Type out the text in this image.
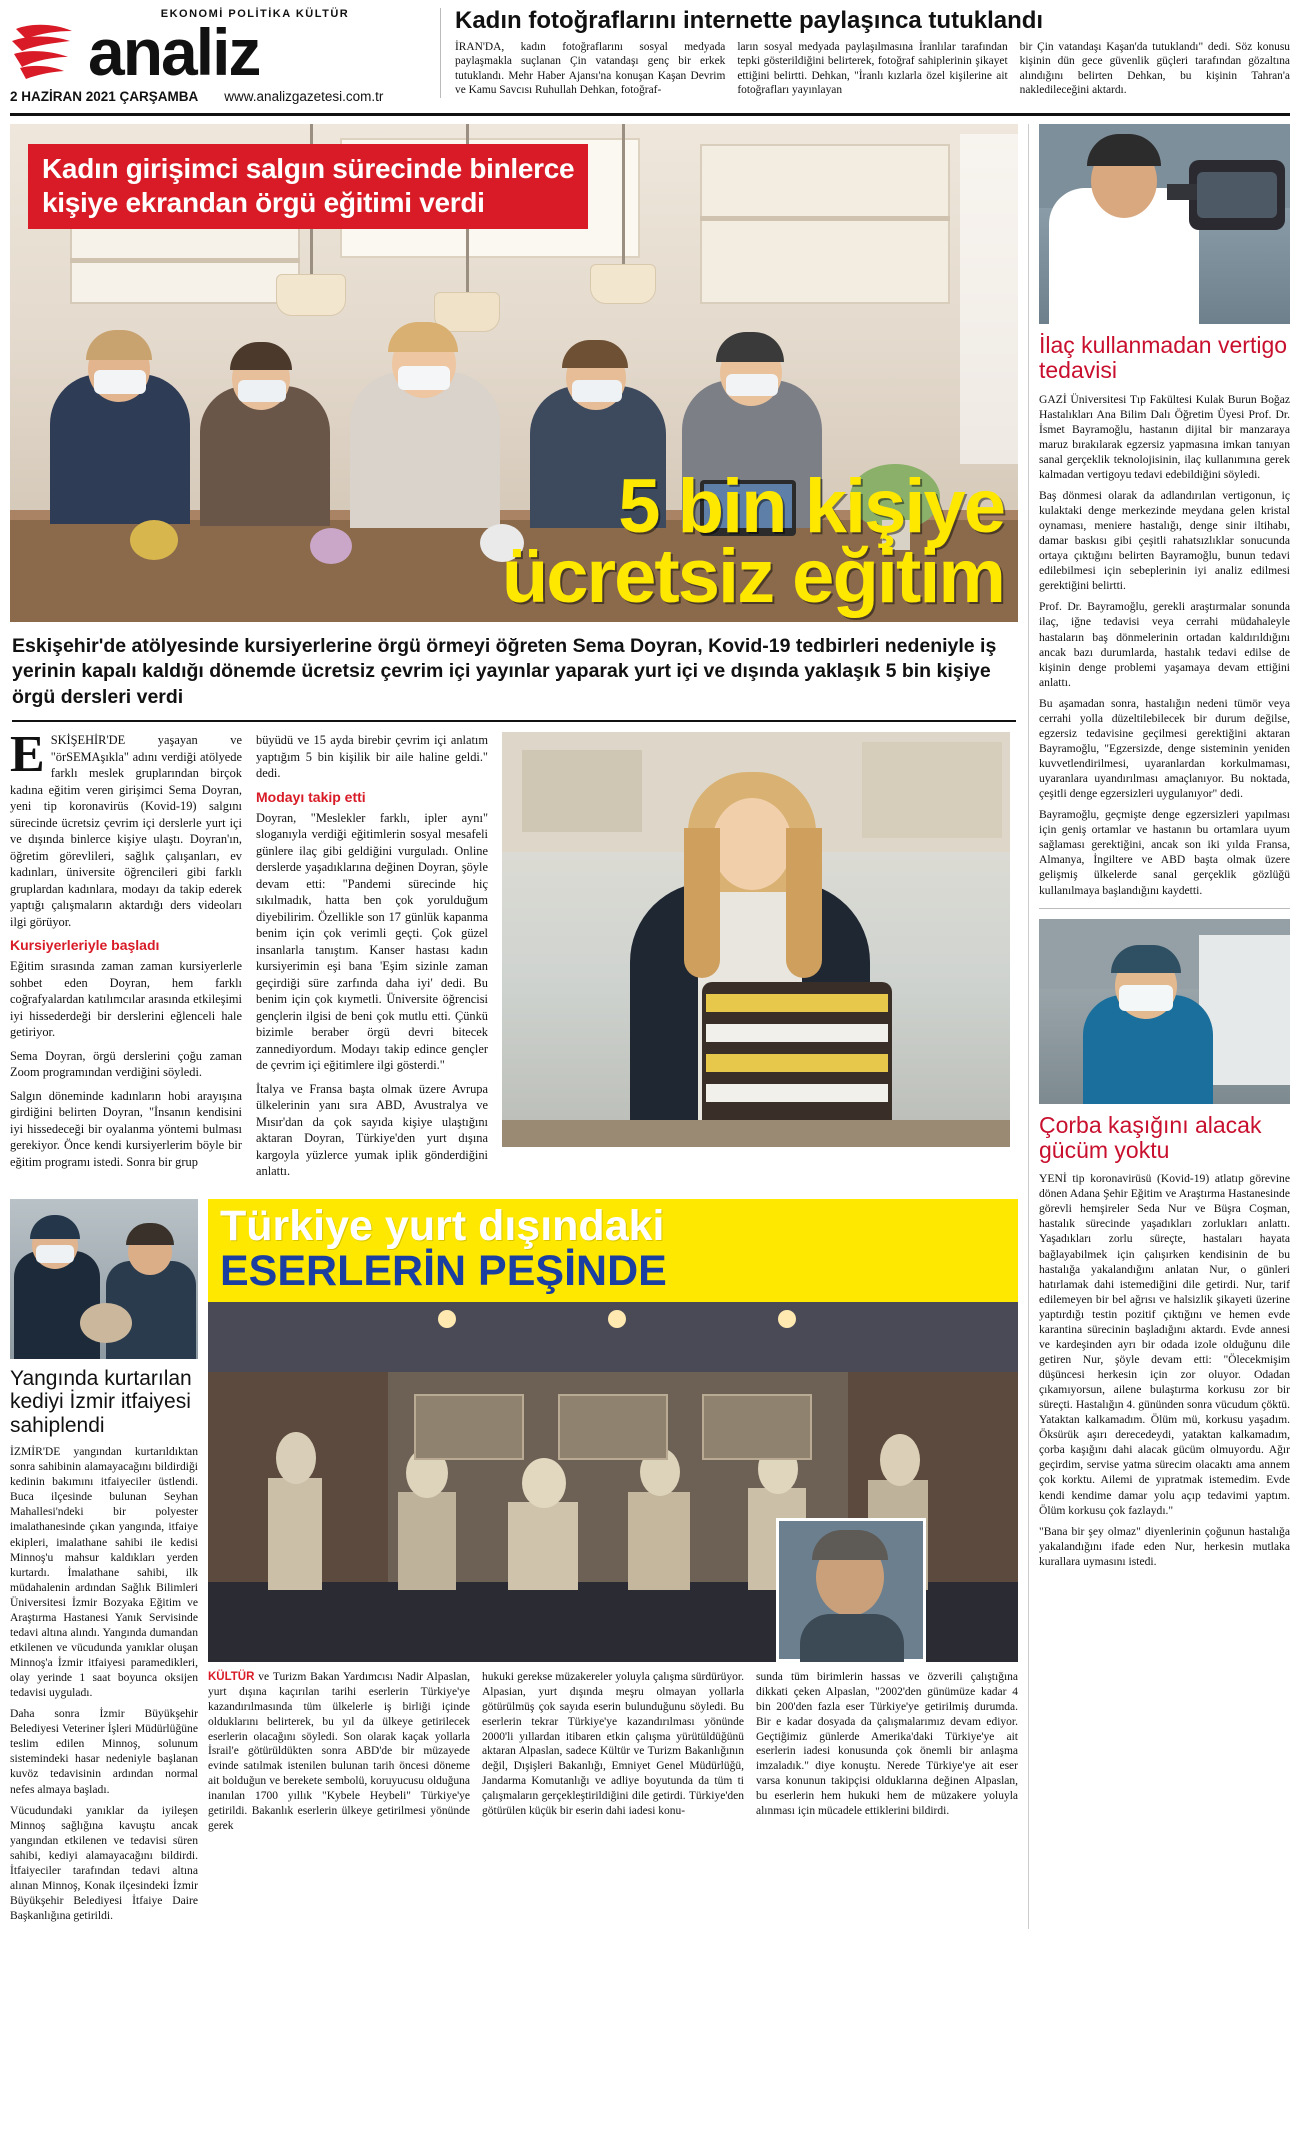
EKONOMİ POLİTİKA KÜLTÜR
analiz
2 HAZİRAN 2021 ÇARŞAMBA www.analizgazetesi.com.tr
Kadın fotoğraflarını internette paylaşınca tutuklandı
İRAN'DA, kadın fotoğraflarını sosyal medyada paylaşmakla suçlanan Çin vatandaşı genç bir erkek tutuklandı. Mehr Haber Ajansı'na konuşan Kaşan Devrim ve Kamu Savcısı Ruhullah Dehkan, fotoğraf-
ların sosyal medyada paylaşılmasına İranlılar tarafından tepki gösterildiğini belirterek, fotoğraf sahiplerinin şikayet ettiğini belirtti. Dehkan, "İranlı kızlarla özel kişilerine ait fotoğrafları yayınlayan
bir Çin vatandaşı Kaşan'da tutuklandı" dedi. Söz konusu kişinin dün gece güvenlik güçleri tarafından gözaltına alındığını belirten Dehkan, bu kişinin Tahran'a nakledileceğini aktardı.
Kadın girişimci salgın sürecinde binlerce
kişiye ekrandan örgü eğitimi verdi
5 bin kişiye
ücretsiz eğitim
Eskişehir'de atölyesinde kursiyerlerine örgü örmeyi öğreten Sema Doyran, Kovid-19 tedbirleri nedeniyle iş yerinin kapalı kaldığı dönemde ücretsiz çevrim içi yayınlar yaparak yurt içi ve dışında yaklaşık 5 bin kişiye örgü dersleri verdi

ESKİŞEHİR'DE yaşayan ve "örSEMAşıkla" adını verdiği atölyede farklı meslek gruplarından birçok kadına eğitim veren girişimci Sema Doyran, yeni tip koronavirüs (Kovid-19) salgını sürecinde ücretsiz çevrim içi derslerle yurt içi ve dışında binlerce kişiye ulaştı. Doyran'ın, öğretim görevlileri, sağlık çalışanları, ev kadınları, üniversite öğrencileri gibi farklı gruplardan kadınlara, modayı da takip ederek yaptığı çalışmaların aktardığı ders videoları ilgi görüyor.

Kursiyerleriyle başladı

Eğitim sırasında zaman zaman kursiyerlerle sohbet eden Doyran, hem farklı coğrafyalardan katılımcılar arasında etkileşimi iyi hissederdeği bir derslerini eğlenceli hale getiriyor.

Sema Doyran, örgü derslerini çoğu zaman Zoom programından verdiğini söyledi.

Salgın döneminde kadınların hobi arayışına girdiğini belirten Doyran, "İnsanın kendisini iyi hissedeceği bir oyalanma yöntemi bulması gerekiyor. Önce kendi kursiyerlerim böyle bir eğitim programı istedi. Sonra bir grup

büyüdü ve 15 ayda birebir çevrim içi anlatım yaptığım 5 bin kişilik bir aile haline geldi." dedi.

Modayı takip etti

Doyran, "Meslekler farklı, ipler aynı" sloganıyla verdiği eğitimlerin sosyal mesafeli günlere ilaç gibi geldiğini vurguladı. Online derslerde yaşadıklarına değinen Doyran, şöyle devam etti: "Pandemi sürecinde hiç sıkılmadık, hatta ben çok yorulduğum diyebilirim. Özellikle son 17 günlük kapanma benim için çok verimli geçti. Çok güzel insanlarla tanıştım. Kanser hastası kadın kursiyerimin eşi bana 'Eşim sizinle zaman geçirdiği süre zarfında daha iyi' dedi. Bu benim için çok kıymetli. Üniversite öğrencisi gençlerin ilgisi de beni çok mutlu etti. Çünkü bizimle beraber örgü devri bitecek zannediyordum. Modayı takip edince gençler de çevrim içi eğitimlere ilgi gösterdi."

İtalya ve Fransa başta olmak üzere Avrupa ülkelerinin yanı sıra ABD, Avustralya ve Mısır'dan da çok sayıda kişiye ulaştığını aktaran Doyran, Türkiye'den yurt dışına kargoyla yüzlerce yumak iplik gönderdiğini anlattı.

Yangında kurtarılan kediyi İzmir itfaiyesi sahiplendi

İZMİR'DE yangından kurtarıldıktan sonra sahibinin alamayacağını bildirdiği kedinin bakımını itfaiyeciler üstlendi. Buca ilçesinde bulunan Seyhan Mahallesi'ndeki bir polyester imalathanesinde çıkan yangında, itfaiye ekipleri, imalathane sahibi ile kedisi Minnoş'u mahsur kaldıkları yerden kurtardı. İmalathane sahibi, ilk müdahalenin ardından Sağlık Bilimleri Üniversitesi İzmir Bozyaka Eğitim ve Araştırma Hastanesi Yanık Servisinde tedavi altına alındı. Yangında dumandan etkilenen ve vücudunda yanıklar oluşan Minnoş'a İzmir itfaiyesi paramedikleri, olay yerinde 1 saat boyunca oksijen tedavisi uyguladı.

Daha sonra İzmir Büyükşehir Belediyesi Veteriner İşleri Müdürlüğüne teslim edilen Minnoş, solunum sistemindeki hasar nedeniyle başlanan kuvöz tedavisinin ardından normal nefes almaya başladı.

Vücudundaki yanıklar da iyileşen Minnoş sağlığına kavuştu ancak yangından etkilenen ve tedavisi süren sahibi, kediyi alamayacağını bildirdi. İtfaiyeciler tarafından tedavi altına alınan Minnoş, Konak ilçesindeki İzmir Büyükşehir Belediyesi İtfaiye Daire Başkanlığına getirildi.

Türkiye yurt dışındaki
ESERLERİN PEŞİNDE

KÜLTÜR ve Turizm Bakan Yardımcısı Nadir Alpaslan, yurt dışına kaçırılan tarihi eserlerin Türkiye'ye kazandırılmasında tüm ülkelerle iş birliği içinde olduklarını belirterek, bu yıl da ülkeye getirilecek eserlerin olacağını söyledi. Son olarak kaçak yollarla İsrail'e götürüldükten sonra ABD'de bir müzayede evinde satılmak istenilen bulunan tarih öncesi döneme ait bolduğun ve berekete sembolü, koruyucusu olduğuna inanılan 1700 yıllık "Kybele Heybeli" Türkiye'ye getirildi. Bakanlık eserlerin ülkeye getirilmesi yönünde gerek

hukuki gereksе müzakereler yoluyla çalışma sürdürüyor. Alpasian, yurt dışında meşru olmayan yollarla götürülmüş çok sayıda eserin bulunduğunu söyledi. Bu eserlerin tekrar Türkiye'ye kazandırılması yönünde 2000'li yıllardan itibaren etkin çalışma yürütüldüğünü aktaran Alpaslan, sadece Kültür ve Turizm Bakanlığının değil, Dışişleri Bakanlığı, Emniyet Genel Müdürlüğü, Jandarma Komutanlığı ve adliye boyutunda da tüm ti çalışmaların gerçekleştirildiğini dile getirdi. Türkiye'den götürülen küçük bir eserin dahi iadesi konu-

sunda tüm birimlerin hassas ve özverili çalıştığına dikkati çeken Alpaslan, "2002'den günümüze kadar 4 bin 200'den fazla eser Türkiye'ye getirilmiş durumda. Bir e kadar dosyada da çalışmalarımız devam ediyor. Geçtiğimiz günlerde Amerika'daki Türkiye'ye ait eserlerin iadesi konusunda çok önemli bir anlaşma imzaladık." diye konuştu. Nerede Türkiye'ye ait eser varsa konunun takipçisi olduklarına değinen Alpaslan, bu eserlerin hem hukuki hem de müzakere yoluyla alınması için mücadele ettiklerini bildirdi.

İlaç kullanmadan vertigo tedavisi

GAZİ Üniversitesi Tıp Fakültesi Kulak Burun Boğaz Hastalıkları Ana Bilim Dalı Öğretim Üyesi Prof. Dr. İsmet Bayramoğlu, hastanın dijital bir manzaraya maruz bırakılarak egzersiz yapmasına imkan tanıyan sanal gerçeklik teknolojisinin, ilaç kullanımına gerek kalmadan vertigoyu tedavi edebildiğini söyledi.

Baş dönmesi olarak da adlandırılan vertigonun, iç kulaktaki denge merkezinde meydana gelen kristal oynaması, meniere hastalığı, denge sinir iltihabı, damar baskısı gibi çeşitli rahatsızlıklar sonucunda ortaya çıktığını belirten Bayramoğlu, bunun tedavi edilebilmesi için sebeplerinin iyi analiz edilmesi gerektiğini belirtti.

Prof. Dr. Bayramoğlu, gerekli araştırmalar sonunda ilaç, iğne tedavisi veya cerrahi müdahaleyle hastaların baş dönmelerinin ortadan kaldırıldığını ancak bazı durumlarda, hastalık tedavi edilse de kişinin denge problemi yaşamaya devam ettiğini anlattı.

Bu aşamadan sonra, hastalığın nedeni tümör veya cerrahi yolla düzeltilebilecek bir durum değilse, egzersiz tedavisine geçilmesi gerektiğini aktaran Bayramoğlu, "Egzersizde, denge sisteminin yeniden kuvvetlendirilmesi, uyaranlardan korkulmaması, uyaranlara uyandırılması amaçlanıyor. Bu noktada, çeşitli denge egzersizleri uygulanıyor" dedi.

Bayramoğlu, geçmişte denge egzersizleri yapılması için geniş ortamlar ve hastanın bu ortamlara uyum sağlaması gerektiğini, ancak son iki yılda Fransa, Almanya, İngiltere ve ABD başta olmak üzere gelişmiş ülkelerde sanal gerçeklik gözlüğü kullanılmaya başlandığını kaydetti.

Çorba kaşığını alacak gücüm yoktu

YENİ tip koronavirüsü (Kovid-19) atlatıp görevine dönen Adana Şehir Eğitim ve Araştırma Hastanesinde görevli hemşireler Seda Nur ve Büşra Coşman, hastalık sürecinde yaşadıkları zorlukları anlattı. Yaşadıkları zorlu süreçte, hastaları hayata bağlayabilmek için çalışırken kendisinin de bu hastalığa yakalandığını anlatan Nur, o günleri hatırlamak dahi istemediğini dile getirdi. Nur, tarif edilemeyen bir bel ağrısı ve halsizlik şikayeti üzerine yaptırdığı testin pozitif çıktığını ve hemen evde karantina sürecinin başladığını aktardı. Evde annesi ve kardeşinden ayrı bir odada izole olduğunu dile getiren Nur, şöyle devam etti: "Ölecekmişim düşüncesi herkesin için zor oluyor. Odadan çıkamıyorsun, ailene bulaştırma korkusu zor bir süreçti. Hastalığın 4. gününden sonra vücudum çöktü. Yataktan kalkamadım. Ölüm mü, korkusu yaşadım. Öksürük aşırı derecedeydi, yataktan kalkamadım, çorba kaşığını dahi alacak gücüm olmuyordu. Ağır geçirdim, servise yatma sürecim olacaktı ama annem çok korktu. Ailemi de yıpratmak istemedim. Evde kendi kendime damar yolu açıp tedavimi yaptım. Ölüm korkusu çok fazlaydı."

"Bana bir şey olmaz" diyenlerinin çoğunun hastalığa yakalandığını ifade eden Nur, herkesin mutlaka kurallara uymasını istedi.
